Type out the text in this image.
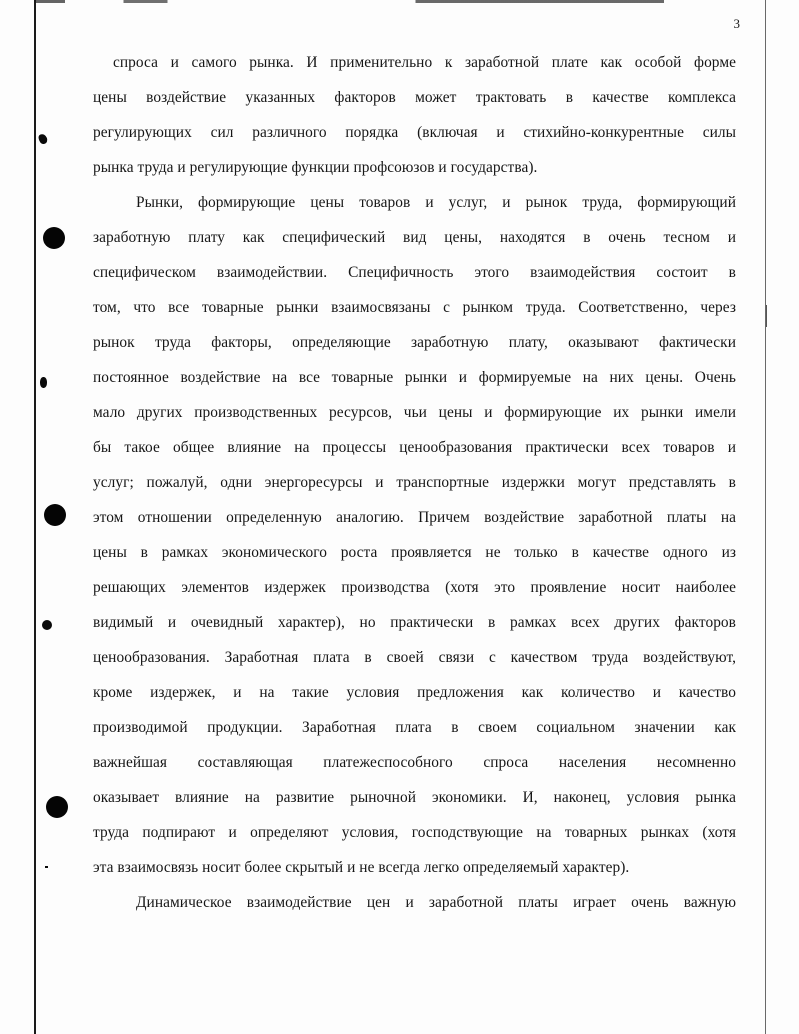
3
спроса и самого рынка. И применительно к заработной плате как особой форме
цены воздействие указанных факторов может трактовать в качестве комплекса
регулирующих сил различного порядка (включая и стихийно-конкурентные силы
рынка труда и регулирующие функции профсоюзов и государства).
Рынки, формирующие цены товаров и услуг, и рынок труда, формирующий
заработную плату как специфический вид цены, находятся в очень тесном и
специфическом взаимодействии. Специфичность этого взаимодействия состоит в
том, что все товарные рынки взаимосвязаны с рынком труда. Соответственно, через
рынок труда факторы, определяющие заработную плату, оказывают фактически
постоянное воздействие на все товарные рынки и формируемые на них цены. Очень
мало других производственных ресурсов, чьи цены и формирующие их рынки имели
бы такое общее влияние на процессы ценообразования практически всех товаров и
услуг; пожалуй, одни энергоресурсы и транспортные издержки могут представлять в
этом отношении определенную аналогию. Причем воздействие заработной платы на
цены в рамках экономического роста проявляется не только в качестве одного из
решающих элементов издержек производства (хотя это проявление носит наиболее
видимый и очевидный характер), но практически в рамках всех других факторов
ценообразования. Заработная плата в своей связи с качеством труда воздействуют,
кроме издержек, и на такие условия предложения как количество и качество
производимой продукции. Заработная плата в своем социальном значении как
важнейшая составляющая платежеспособного спроса населения несомненно
оказывает влияние на развитие рыночной экономики. И, наконец, условия рынка
труда подпирают и определяют условия, господствующие на товарных рынках (хотя
эта взаимосвязь носит более скрытый и не всегда легко определяемый характер).
Динамическое взаимодействие цен и заработной платы играет очень важную
